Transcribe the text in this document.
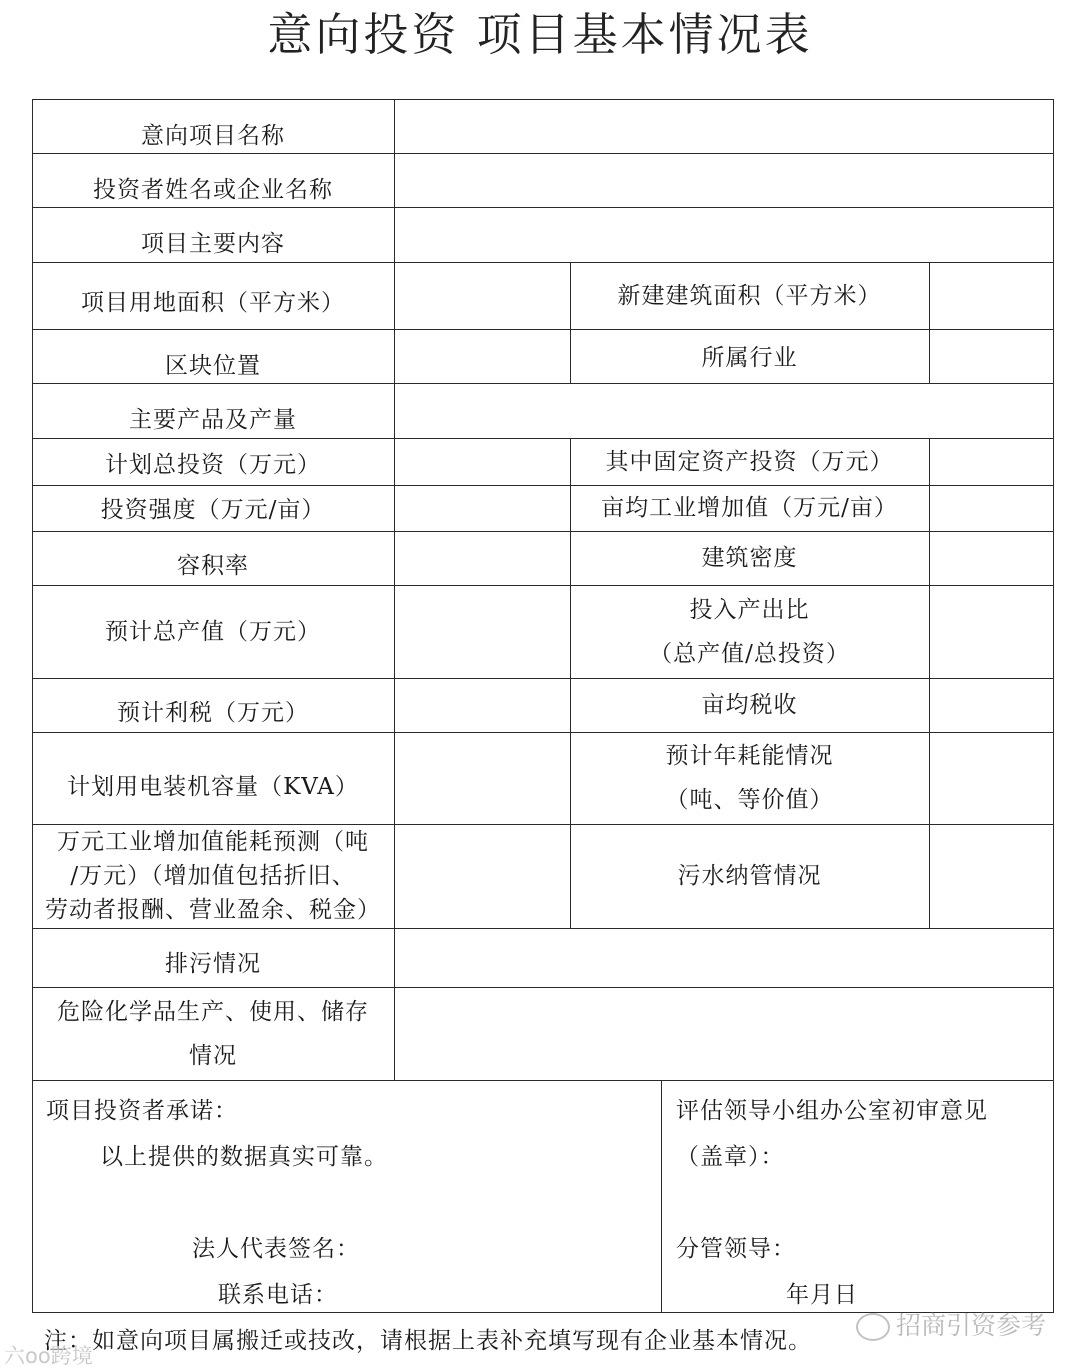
意向投资 项目基本情况表
意向项目名称
投资者姓名或企业名称
项目主要内容
项目用地面积（平方米）
区块位置
主要产品及产量
计划总投资（万元）
投资强度（万元/亩）
容积率
预计总产值（万元）
预计利税（万元）
计划用电装机容量（KVA）
万元工业增加值能耗预测（吨
/万元）（增加值包括折旧、
劳动者报酬、营业盈余、税金）
排污情况
危险化学品生产、使用、储存
情况
新建建筑面积（平方米）
所属行业
其中固定资产投资（万元）
亩均工业增加值（万元/亩）
建筑密度
投入产出比
（总产值/总投资）
亩均税收
预计年耗能情况
（吨、等价值）
污水纳管情况
项目投资者承诺：
以上提供的数据真实可靠。
法人代表签名：
联系电话：
评估领导小组办公室初审意见
（盖章）：
分管领导：
年月日
注：如意向项目属搬迁或技改，请根据上表补充填写现有企业基本情况。
招商引资参考
六oo跨境
